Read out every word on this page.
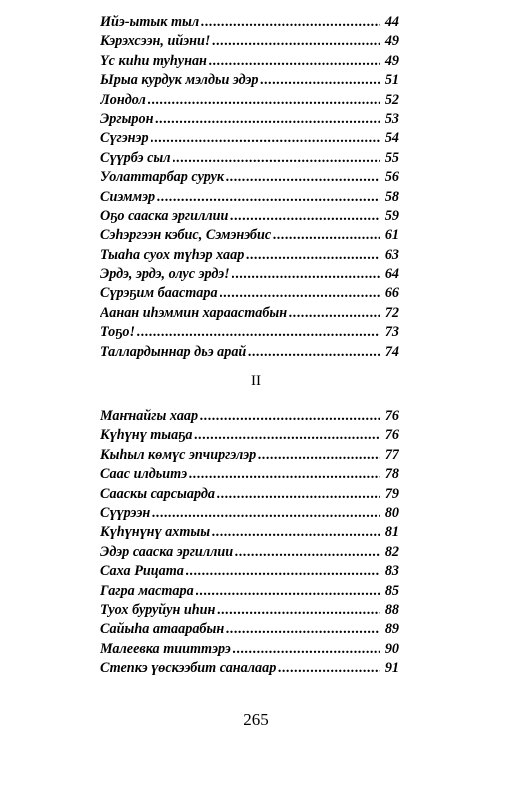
Ийэ-ытык тыл .....	44
Кэрэхсээн, ийэни! .....	49
Үс киһи туһунан .....	49
Ырыа курдук мэлдьи эдэр .....	51
Лондол .....	52
Эргырон .....	53
Сүгэнэр .....	54
Сүүрбэ сыл .....	55
Уолаттарбар сурук .....	56
Сиэммэр .....	58
Оҕо сааска эргиллии .....	59
Сэһэргээн кэбис, Сэмэнэбис .....	61
Тыаһа суох түһэр хаар .....	63
Эрдэ, эрдэ, олус эрдэ! .....	64
Сүрэҕим баастара .....	66
Аанан иһэммин хараастабын .....	72
Тоҕо! .....	73
Таллардыннар дьэ арай .....	74
II
Маҥнайгы хаар .....	76
Күһүнү тыаҕа .....	76
Кыһыл көмүс эпчиргэлэр .....	77
Саас илдьитэ .....	78
Сааскы сарсыарда .....	79
Сүүрээн .....	80
Күһүнүнү ахтыы .....	81
Эдэр сааска эргиллии .....	82
Саха Рицата .....	83
Гагра мастара .....	85
Туох буруйун иһин .....	88
Сайыһа атаарабын .....	89
Малеевка тииттэрэ .....	90
Степкэ үөскээбит саналаар .....	91
265
